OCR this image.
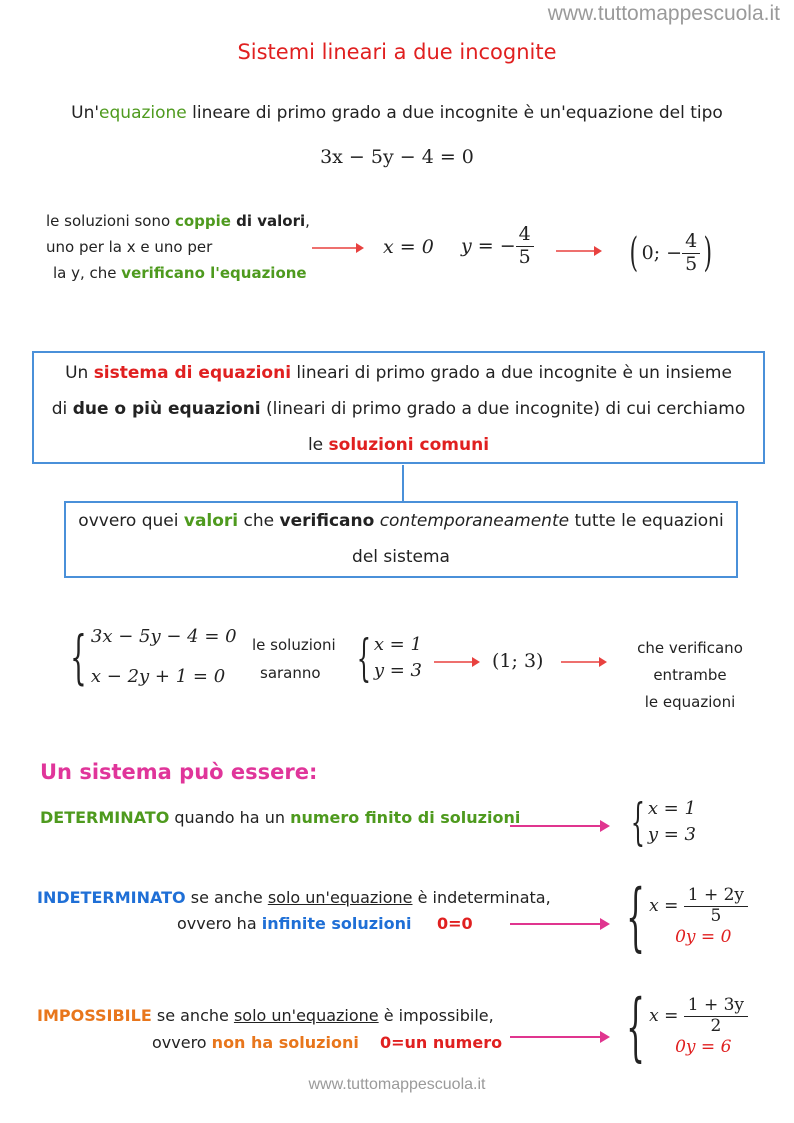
www.tuttomappescuola.it
Sistemi lineari a due incognite
Un'equazione lineare di primo grado a due incognite è un'equazione del tipo
3x − 5y − 4 = 0
le soluzioni sono coppie di valori,
uno per la x e uno per
la y, che verificano l'equazione
x = 0 y = − $\frac{4}{5}$ ( 0; − $\frac{4}{5}$ )
Un sistema di equazioni lineari di primo grado a due incognite è un insieme
di due o più equazioni (lineari di primo grado a due incognite) di cui cerchiamo
le soluzioni comuni
ovvero quei valori che verificano contemporaneamente tutte le equazioni
del sistema
{ 3x − 5y − 4 = 0
x − 2y + 1 = 0
le soluzioni
saranno { x = 1
y = 3	(1; 3)
che verificano
entrambe
le equazioni
Un sistema può essere:
DETERMINATO quando ha un numero finito di soluzioni { x = 1
y = 3
INDETERMINATO se anche solo un'equazione è indeterminata,
ovvero ha infinite soluzioni 0=0 { x =
$\frac{1 + 2y}{5}$
0y = 0
IMPOSSIBILE se anche solo un'equazione è impossibile,
ovvero non ha soluzioni 0=un numero { x =
$\frac{1 + 3y}{2}$
0y = 6
www.tuttomappescuola.it
